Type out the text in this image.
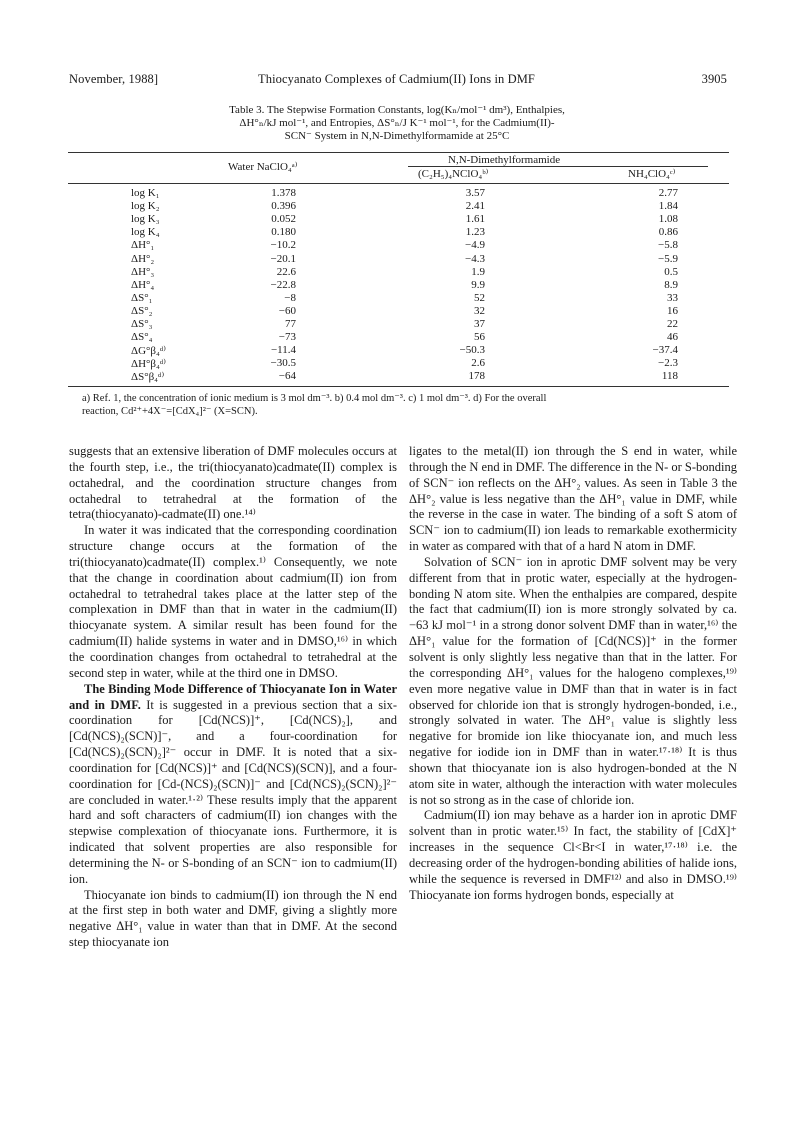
November, 1988]	Thiocyanato Complexes of Cadmium(II) Ions in DMF	3905
Table 3. The Stepwise Formation Constants, log(Kₙ/mol⁻¹ dm³), Enthalpies,
ΔH°ₙ/kJ mol⁻¹, and Entropies, ΔS°ₙ/J K⁻¹ mol⁻¹, for the Cadmium(II)-
SCN⁻ System in N,N-Dimethylformamide at 25°C
Water NaClO₄ᵃ⁾
N,N-Dimethylformamide
(C₂H₅)₄NClO₄ᵇ⁾	NH₄ClO₄ᶜ⁾
log K₁	1.378	3.57	2.77
log K₂	0.396	2.41	1.84
log K₃	0.052	1.61	1.08
log K₄	0.180	1.23	0.86
ΔH°₁	−10.2	−4.9	−5.8
ΔH°₂	−20.1	−4.3	−5.9
ΔH°₃	22.6	1.9	0.5
ΔH°₄	−22.8	9.9	8.9
ΔS°₁	−8	52	33
ΔS°₂	−60	32	16
ΔS°₃	77	37	22
ΔS°₄	−73	56	46
ΔG°β₄ᵈ⁾	−11.4	−50.3	−37.4
ΔH°β₄ᵈ⁾	−30.5	2.6	−2.3
ΔS°β₄ᵈ⁾	−64	178	118
a) Ref. 1, the concentration of ionic medium is 3 mol dm⁻³. b) 0.4 mol dm⁻³. c) 1 mol dm⁻³. d) For the overall
reaction, Cd²⁺+4X⁻=[CdX₄]²⁻ (X=SCN).

suggests that an extensive liberation of DMF molecules occurs at the fourth step, i.e., the tri(thiocyanato)cadmate(II) complex is octahedral, and the coordination structure changes from octahedral to tetrahedral at the formation of the tetra(thiocyanato)-cadmate(II) one.¹⁴⁾

In water it was indicated that the corresponding coordination structure change occurs at the formation of the tri(thiocyanato)cadmate(II) complex.¹⁾ Consequently, we note that the change in coordination about cadmium(II) ion from octahedral to tetrahedral takes place at the latter step of the complexation in DMF than that in water in the cadmium(II) thiocyanate system. A similar result has been found for the cadmium(II) halide systems in water and in DMSO,¹⁶⁾ in which the coordination changes from octahedral to tetrahedral at the second step in water, while at the third one in DMSO.

The Binding Mode Difference of Thiocyanate Ion in Water and in DMF. It is suggested in a previous section that a six-coordination for [Cd(NCS)]⁺, [Cd(NCS)₂], and [Cd(NCS)₂(SCN)]⁻, and a four-coordination for [Cd(NCS)₂(SCN)₂]²⁻ occur in DMF. It is noted that a six-coordination for [Cd(NCS)]⁺ and [Cd(NCS)(SCN)], and a four-coordination for [Cd-(NCS)₂(SCN)]⁻ and [Cd(NCS)₂(SCN)₂]²⁻ are concluded in water.¹·²⁾ These results imply that the apparent hard and soft characters of cadmium(II) ion changes with the stepwise complexation of thiocyanate ions. Furthermore, it is indicated that solvent properties are also responsible for determining the N- or S-bonding of an SCN⁻ ion to cadmium(II) ion.

Thiocyanate ion binds to cadmium(II) ion through the N end at the first step in both water and DMF, giving a slightly more negative ΔH°₁ value in water than that in DMF. At the second step thiocyanate ion

ligates to the metal(II) ion through the S end in water, while through the N end in DMF. The difference in the N- or S-bonding of SCN⁻ ion reflects on the ΔH°₂ values. As seen in Table 3 the ΔH°₂ value is less negative than the ΔH°₁ value in DMF, while the reverse in the case in water. The binding of a soft S atom of SCN⁻ ion to cadmium(II) ion leads to remarkable exothermicity in water as compared with that of a hard N atom in DMF.

Solvation of SCN⁻ ion in aprotic DMF solvent may be very different from that in protic water, especially at the hydrogen-bonding N atom site. When the enthalpies are compared, despite the fact that cadmium(II) ion is more strongly solvated by ca. −63 kJ mol⁻¹ in a strong donor solvent DMF than in water,¹⁶⁾ the ΔH°₁ value for the formation of [Cd(NCS)]⁺ in the former solvent is only slightly less negative than that in the latter. For the corresponding ΔH°₁ values for the halogeno complexes,¹⁹⁾ even more negative value in DMF than that in water is in fact observed for chloride ion that is strongly hydrogen-bonded, i.e., strongly solvated in water. The ΔH°₁ value is slightly less negative for bromide ion like thiocyanate ion, and much less negative for iodide ion in DMF than in water.¹⁷·¹⁸⁾ It is thus shown that thiocyanate ion is also hydrogen-bonded at the N atom site in water, although the interaction with water molecules is not so strong as in the case of chloride ion.

Cadmium(II) ion may behave as a harder ion in aprotic DMF solvent than in protic water.¹⁵⁾ In fact, the stability of [CdX]⁺ increases in the sequence Cl<Br<I in water,¹⁷·¹⁸⁾ i.e. the decreasing order of the hydrogen-bonding abilities of halide ions, while the sequence is reversed in DMF¹²⁾ and also in DMSO.¹⁹⁾ Thiocyanate ion forms hydrogen bonds, especially at
